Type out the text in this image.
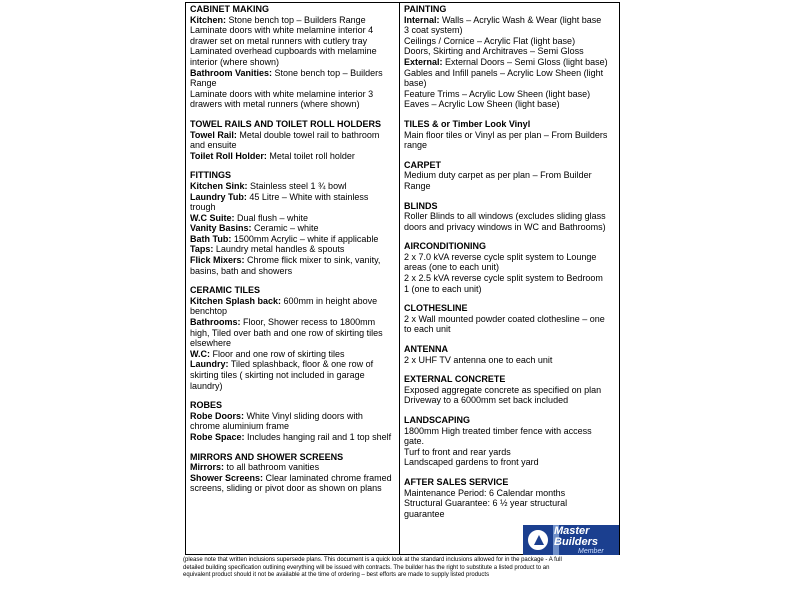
CABINET MAKING
Kitchen: Stone bench top – Builders Range
Laminate doors with white melamine interior 4
drawer set on metal runners with cutlery tray
Laminated overhead cupboards with melamine
interior (where shown)
Bathroom Vanities: Stone bench top – Builders
Range
Laminate doors with white melamine interior 3
drawers with metal runners (where shown)
TOWEL RAILS AND TOILET ROLL HOLDERS
Towel Rail: Metal double towel rail to bathroom
and ensuite
Toilet Roll Holder: Metal toilet roll holder
FITTINGS
Kitchen Sink: Stainless steel 1 ¾ bowl
Laundry Tub: 45 Litre – White with stainless
trough
W.C Suite: Dual flush – white
Vanity Basins: Ceramic – white
Bath Tub: 1500mm Acrylic – white if applicable
Taps: Laundry metal handles & spouts
Flick Mixers: Chrome flick mixer to sink, vanity,
basins, bath and showers
CERAMIC TILES
Kitchen Splash back: 600mm in height above
benchtop
Bathrooms: Floor, Shower recess to 1800mm
high, Tiled over bath and one row of skirting tiles
elsewhere
W.C: Floor and one row of skirting tiles
Laundry: Tiled splashback, floor & one row of
skirting tiles ( skirting not included in garage
laundry)
ROBES
Robe Doors: White Vinyl sliding doors with
chrome aluminium frame
Robe Space: Includes hanging rail and 1 top shelf
MIRRORS AND SHOWER SCREENS
Mirrors: to all bathroom vanities
Shower Screens: Clear laminated chrome framed
screens, sliding or pivot door as shown on plans
PAINTING
Internal: Walls – Acrylic Wash & Wear (light base
3 coat system)
Ceilings / Cornice – Acrylic Flat (light base)
Doors, Skirting and Architraves – Semi Gloss
External: External Doors – Semi Gloss (light base)
Gables and Infill panels – Acrylic Low Sheen (light
base)
Feature Trims – Acrylic Low Sheen (light base)
Eaves – Acrylic Low Sheen (light base)
TILES & or Timber Look Vinyl
Main floor tiles or Vinyl as per plan – From Builders
range
CARPET
Medium duty carpet as per plan – From Builder
Range
BLINDS
Roller Blinds to all windows (excludes sliding glass
doors and privacy windows in WC and Bathrooms)
AIRCONDITIONING
2 x 7.0 kVA reverse cycle split system to Lounge
areas (one to each unit)
2 x 2.5 kVA reverse cycle split system to Bedroom
1 (one to each unit)
CLOTHESLINE
2 x Wall mounted powder coated clothesline – one
to each unit
ANTENNA
2 x UHF TV antenna one to each unit
EXTERNAL CONCRETE
Exposed aggregate concrete as specified on plan
Driveway to a 6000mm set back included
LANDSCAPING
1800mm High treated timber fence with access
gate.
Turf to front and rear yards
Landscaped gardens to front yard
AFTER SALES SERVICE
Maintenance Period: 6 Calendar months
Structural Guarantee: 6 ½ year structural
guarantee
Master
Builders
Member
(please note that written inclusions supersede plans. This document is a quick look at the standard inclusions allowed for in the package - A full
detailed building specification outlining everything will be issued with contracts. The builder has the right to substitute a listed product to an
equivalent product should it not be available at the time of ordering – best efforts are made to supply listed products
